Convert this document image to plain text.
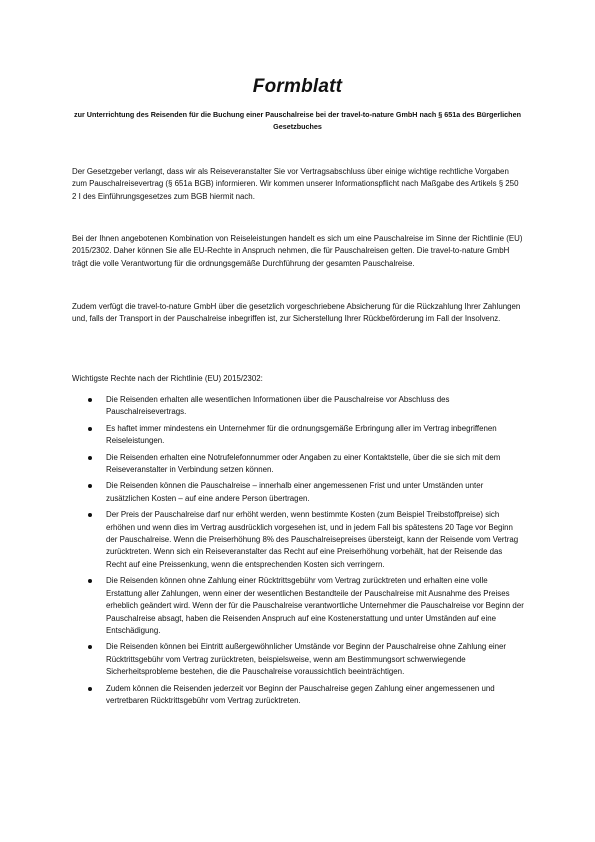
Formblatt

zur Unterrichtung des Reisenden für die Buchung einer Pauschalreise bei der travel-to-nature GmbH nach § 651a des Bürgerlichen Gesetzbuches

Der Gesetzgeber verlangt, dass wir als Reiseveranstalter Sie vor Vertragsabschluss über einige wichtige rechtliche Vorgaben zum Pauschalreisevertrag (§ 651a BGB) informieren. Wir kommen unserer Informationspflicht nach Maßgabe des Artikels § 250 2 I des Einführungsgesetzes zum BGB hiermit nach.

Bei der Ihnen angebotenen Kombination von Reiseleistungen handelt es sich um eine Pauschalreise im Sinne der Richtlinie (EU) 2015/2302. Daher können Sie alle EU-Rechte in Anspruch nehmen, die für Pauschalreisen gelten. Die travel-to-nature GmbH trägt die volle Verantwortung für die ordnungsgemäße Durchführung der gesamten Pauschalreise.

Zudem verfügt die travel-to-nature GmbH über die gesetzlich vorgeschriebene Absicherung für die Rückzahlung Ihrer Zahlungen und, falls der Transport in der Pauschalreise inbegriffen ist, zur Sicherstellung Ihrer Rückbeförderung im Fall der Insolvenz.

Wichtigste Rechte nach der Richtlinie (EU) 2015/2302:

Die Reisenden erhalten alle wesentlichen Informationen über die Pauschalreise vor Abschluss des Pauschalreisevertrags.
Es haftet immer mindestens ein Unternehmer für die ordnungsgemäße Erbringung aller im Vertrag inbegriffenen Reiseleistungen.
Die Reisenden erhalten eine Notrufelefonnummer oder Angaben zu einer Kontaktstelle, über die sie sich mit dem Reiseveranstalter in Verbindung setzen können.
Die Reisenden können die Pauschalreise – innerhalb einer angemessenen Frist und unter Umständen unter zusätzlichen Kosten – auf eine andere Person übertragen.
Der Preis der Pauschalreise darf nur erhöht werden, wenn bestimmte Kosten (zum Beispiel Treibstoffpreise) sich erhöhen und wenn dies im Vertrag ausdrücklich vorgesehen ist, und in jedem Fall bis spätestens 20 Tage vor Beginn der Pauschalreise. Wenn die Preiserhöhung 8% des Pauschalreisepreises übersteigt, kann der Reisende vom Vertrag zurücktreten. Wenn sich ein Reiseveranstalter das Recht auf eine Preiserhöhung vorbehält, hat der Reisende das Recht auf eine Preissenkung, wenn die entsprechenden Kosten sich verringern.
Die Reisenden können ohne Zahlung einer Rücktrittsgebühr vom Vertrag zurücktreten und erhalten eine volle Erstattung aller Zahlungen, wenn einer der wesentlichen Bestandteile der Pauschalreise mit Ausnahme des Preises erheblich geändert wird. Wenn der für die Pauschalreise verantwortliche Unternehmer die Pauschalreise vor Beginn der Pauschalreise absagt, haben die Reisenden Anspruch auf eine Kostenerstattung und unter Umständen auf eine Entschädigung.
Die Reisenden können bei Eintritt außergewöhnlicher Umstände vor Beginn der Pauschalreise ohne Zahlung einer Rücktrittsgebühr vom Vertrag zurücktreten, beispielsweise, wenn am Bestimmungsort schwerwiegende Sicherheitsprobleme bestehen, die die Pauschalreise voraussichtlich beeinträchtigen.
Zudem können die Reisenden jederzeit vor Beginn der Pauschalreise gegen Zahlung einer angemessenen und vertretbaren Rücktrittsgebühr vom Vertrag zurücktreten.
